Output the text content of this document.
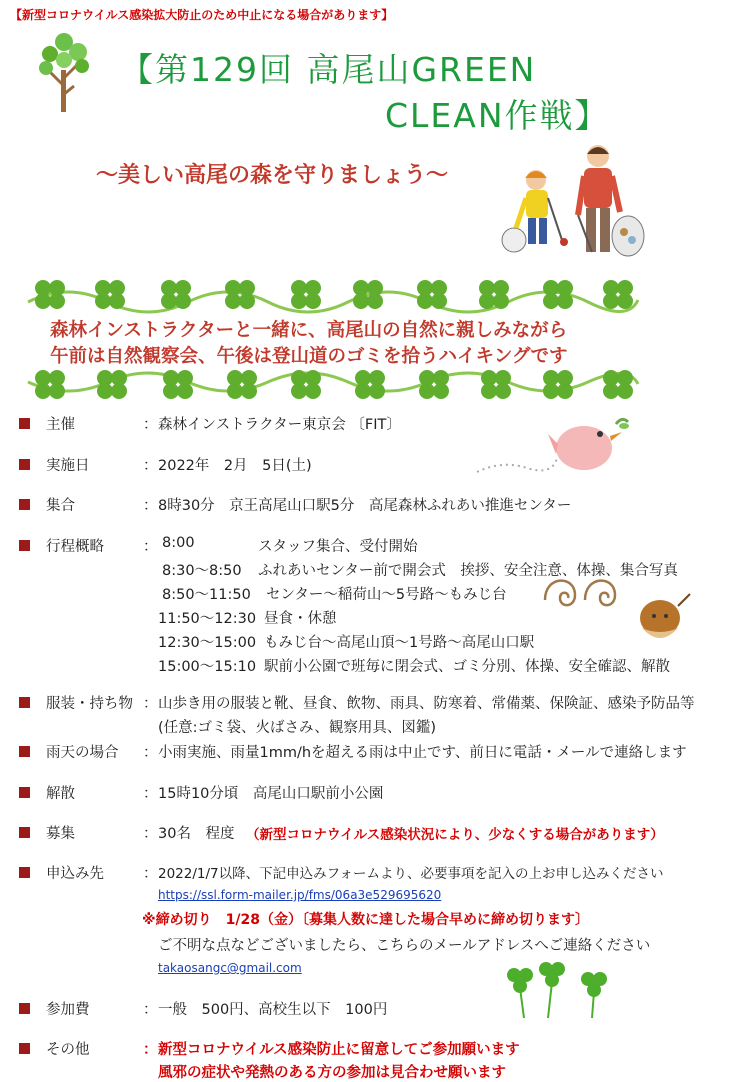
【新型コロナウイルス感染拡大防止のため中止になる場合があります】
【第129回 高尾山GREEN
CLEAN作戦】
～美しい高尾の森を守りましょう～
森林インストラクターと一緒に、高尾山の自然に親しみながら
午前は自然観察会、午後は登山道のゴミを拾うハイキングです
主催	： 森林インストラクター東京会 〔FIT〕
実施日	： 2022年　2月　5日(土)
集合	： 8時30分　京王高尾山口駅5分　高尾森林ふれあい推進センター
行程概略	： 8:00	スタッフ集合、受付開始
8:30～8:50 ふれあいセンター前で開会式　挨拶、安全注意、体操、集合写真
8:50～11:50 センター～稲荷山～5号路～もみじ台
11:50～12:30 昼食・休憩
12:30～15:00 もみじ台～高尾山頂～1号路～高尾山口駅
15:00～15:10 駅前小公園で班毎に閉会式、ゴミ分別、体操、安全確認、解散
服装・持ち物 ： 山歩き用の服装と靴、昼食、飲物、雨具、防寒着、常備薬、保険証、感染予防品等
(任意:ゴミ袋、火ばさみ、観察用具、図鑑)
雨天の場合 ： 小雨実施、雨量1mm/hを超える雨は中止です、前日に電話・メールで連絡します
解散	： 15時10分頃　高尾山口駅前小公園
募集	： 30名　程度 （新型コロナウイルス感染状況により、少なくする場合があります）
申込み先	： 2022/1/7以降、下記申込みフォームより、必要事項を記入の上お申し込みください
https://ssl.form-mailer.jp/fms/06a3e529695620
※締め切り　1/28（金）〔募集人数に達した場合早めに締め切ります〕
ご不明な点などございましたら、こちらのメールアドレスへご連絡ください
takaosangc@gmail.com
参加費	： 一般　500円、高校生以下　100円
その他	： 新型コロナウイルス感染防止に留意してご参加願います
風邪の症状や発熱のある方の参加は見合わせ願います
